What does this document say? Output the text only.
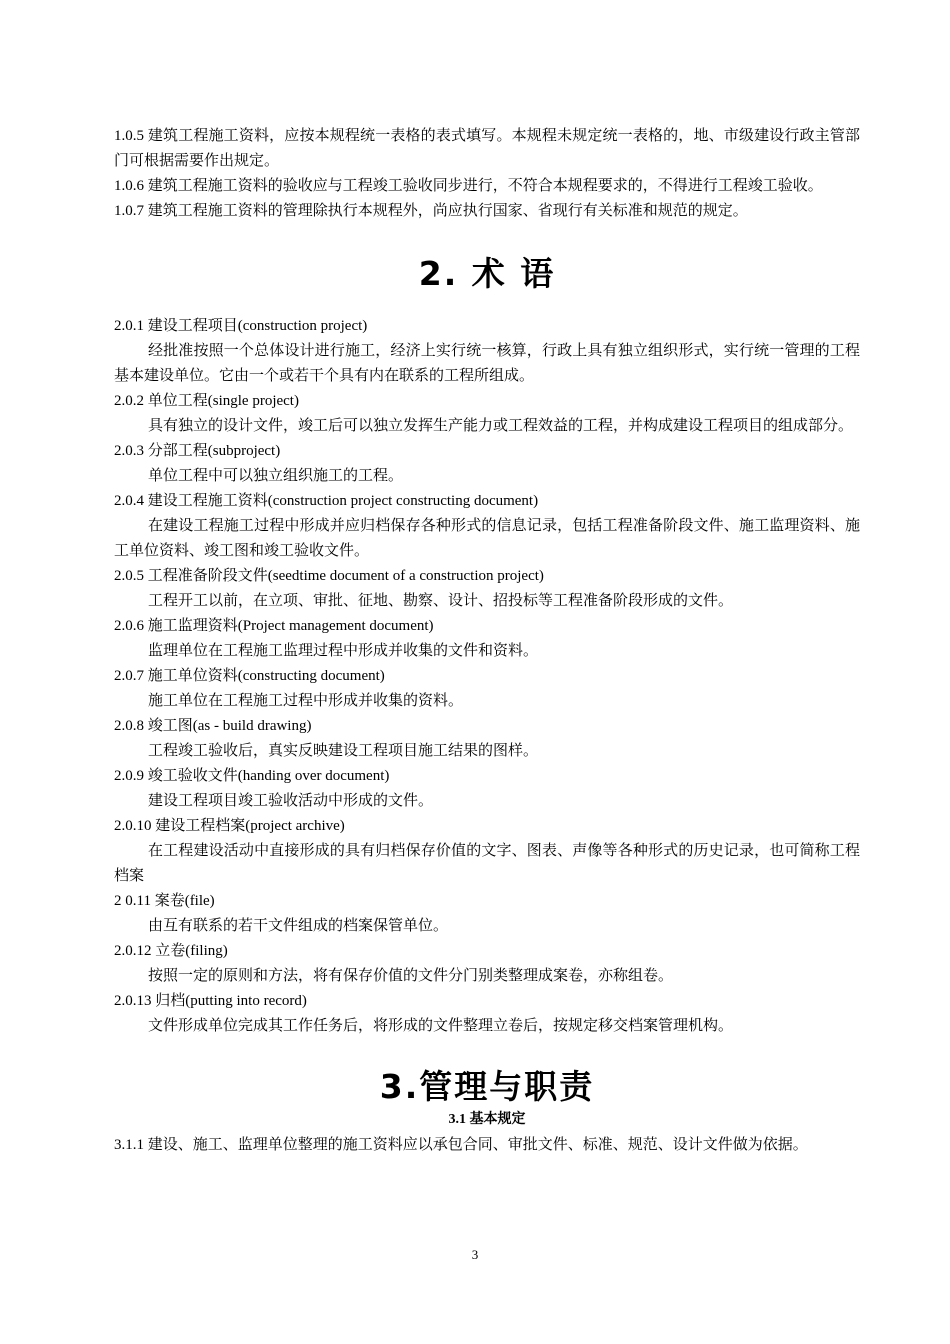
1.0.5 建筑工程施工资料，应按本规程统一表格的表式填写。本规程未规定统一表格的，地、市级建设行政主管部门可根据需要作出规定。

1.0.6 建筑工程施工资料的验收应与工程竣工验收同步进行，不符合本规程要求的，不得进行工程竣工验收。

1.0.7 建筑工程施工资料的管理除执行本规程外，尚应执行国家、省现行有关标准和规范的规定。

2. 术 语

2.0.1 建设工程项目(construction project)

经批准按照一个总体设计进行施工，经济上实行统一核算，行政上具有独立组织形式，实行统一管理的工程基本建设单位。它由一个或若干个具有内在联系的工程所组成。

2.0.2 单位工程(single project)

具有独立的设计文件，竣工后可以独立发挥生产能力或工程效益的工程，并构成建设工程项目的组成部分。

2.0.3 分部工程(subproject)

单位工程中可以独立组织施工的工程。

2.0.4 建设工程施工资料(construction project constructing document)

在建设工程施工过程中形成并应归档保存各种形式的信息记录，包括工程准备阶段文件、施工监理资料、施工单位资料、竣工图和竣工验收文件。

2.0.5 工程准备阶段文件(seedtime document of a construction project)

工程开工以前，在立项、审批、征地、勘察、设计、招投标等工程准备阶段形成的文件。

2.0.6 施工监理资料(Project management document)

监理单位在工程施工监理过程中形成并收集的文件和资料。

2.0.7 施工单位资料(constructing document)

施工单位在工程施工过程中形成并收集的资料。

2.0.8 竣工图(as - build drawing)

工程竣工验收后，真实反映建设工程项目施工结果的图样。

2.0.9 竣工验收文件(handing over document)

建设工程项目竣工验收活动中形成的文件。

2.0.10 建设工程档案(project archive)

在工程建设活动中直接形成的具有归档保存价值的文字、图表、声像等各种形式的历史记录，也可简称工程档案

2 0.11 案卷(file)

由互有联系的若干文件组成的档案保管单位。

2.0.12 立卷(filing)

按照一定的原则和方法，将有保存价值的文件分门别类整理成案卷，亦称组卷。

2.0.13 归档(putting into record)

文件形成单位完成其工作任务后，将形成的文件整理立卷后，按规定移交档案管理机构。

3.管理与职责
3.1 基本规定

3.1.1 建设、施工、监理单位整理的施工资料应以承包合同、审批文件、标准、规范、设计文件做为依据。

3
